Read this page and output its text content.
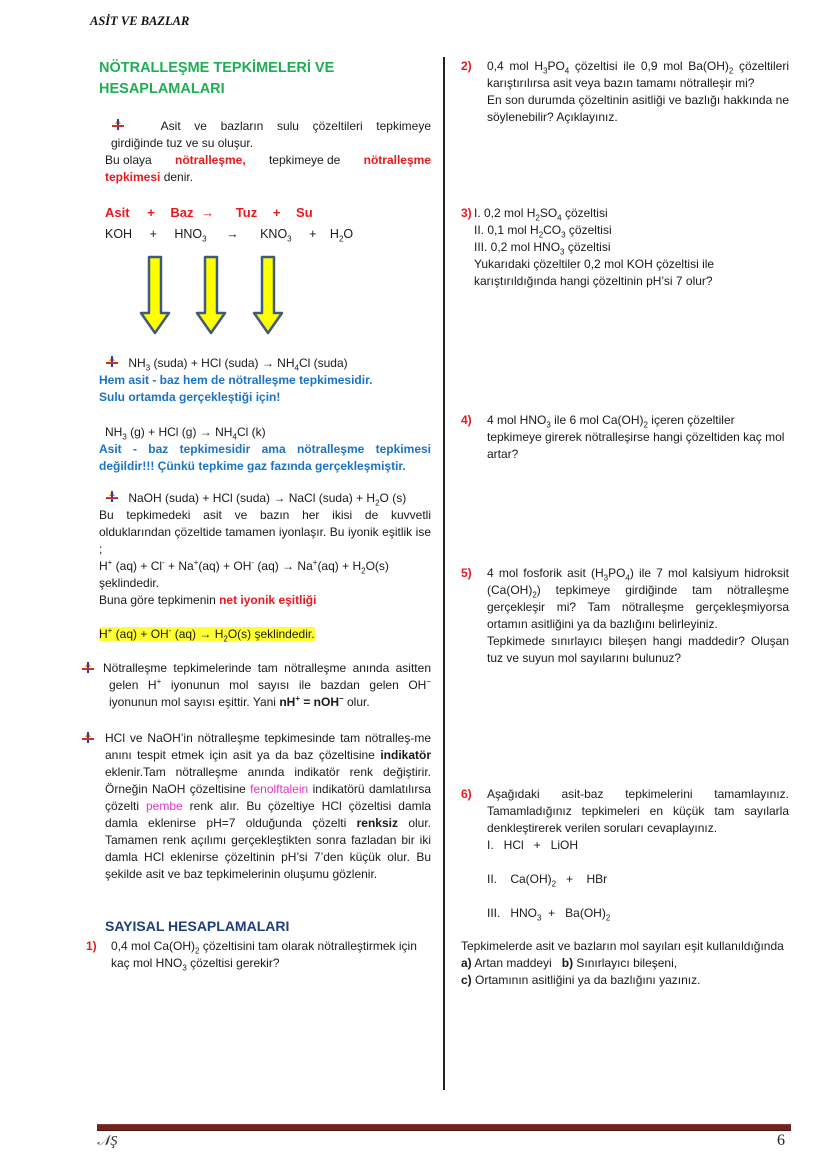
ASİT VE BAZLAR
NÖTRALLEŞME TEPKİMELERİ VE
HESAPLAMALARI
Asit ve bazların sulu çözeltileri tepkimeye
girdiğinde tuz ve su oluşur.
Bu olaya nötralleşme, tepkimeye de nötralleşme
tepkimesi denir.
Asit + Baz → Tuz + Su
KOH + $HNO_3 \to KNO_3 + H_2O$
$NH_3$ (suda) + HCl (suda) → $NH_4Cl$ (suda)
Hem asit - baz hem de nötralleşme tepkimesidir.
Sulu ortamda gerçekleştiği için!
$NH_3$ (g) + HCl $(g) \to NH_4Cl$ (k)
Asit - baz tepkimesidir ama nötralleşme tepkimesi değildir!!! Çünkü tepkime gaz fazında gerçekleşmiştir.
NaOH (suda) + HCl (suda) → NaCl (suda) + $H_2O$ (s)
Bu tepkimedeki asit ve bazın her ikisi de kuvvetli olduklarından çözeltide tamamen iyonlaşır. Bu iyonik eşitlik ise ;
H+ (aq) + Cl- + Na+(aq) + OH- $(aq) \to Na^+(aq) + H_2O(s)$
şeklindedir.
Buna göre tepkimenin net iyonik eşitliği
H+ (aq) + OH- $(aq) \to H_2O(s)$ şeklindedir.
Nötralleşme tepkimelerinde tam nötralleşme anında asitten gelen H+ iyonunun mol sayısı ile bazdan gelen OH− iyonunun mol sayısı eşittir. Yani nH+ = nOH− olur.
HCl ve NaOH’in nötralleşme tepkimesinde tam nötralleş-me anını tespit etmek için asit ya da baz çözeltisine indikatör eklenir.Tam nötralleşme anında indikatör renk değiştirir. Örneğin NaOH çözeltisine fenolftalein indikatörü damlatılırsa çözelti pembe renk alır. Bu çözeltiye HCl çözeltisi damla damla eklenirse pH=7 olduğunda çözelti renksiz olur. Tamamen renk açılımı gerçekleştikten sonra fazladan bir iki damla HCl eklenirse çözeltinin pH’si 7’den küçük olur. Bu şekilde asit ve baz tepkimelerinin oluşumu gözlenir.
SAYISAL HESAPLAMALARI
1)	0,4 mol $Ca(OH)_2$ çözeltisini tam olarak nötralleştirmek için kaç mol $HNO_3$ çözeltisi gerekir?
2)	0,4 mol $H_3PO_4$ çözeltisi ile 0,9 mol $Ba(OH)_2$ çözeltileri karıştırılırsa asit veya bazın tamamı nötralleşir mi?
En son durumda çözeltinin asitliği ve bazlığı hakkında ne söylenebilir? Açıklayınız.
3) I. 0,2 mol $H_2SO_4$ çözeltisi
II. 0,1 mol $H_2CO_3$ çözeltisi
III. 0,2 mol $HNO_3$ çözeltisi
Yukarıdaki çözeltiler 0,2 mol KOH çözeltisi ile
karıştırıldığında hangi çözeltinin pH’si 7 olur?
4)	4 mol $HNO_3$ ile 6 mol $Ca(OH)_2$ içeren çözeltiler tepkimeye girerek nötralleşirse hangi çözeltiden kaç mol artar?
5)	4 mol fosforik asit $(H_3PO_4)$ ile 7 mol kalsiyum hidroksit $(Ca(OH)_2)$ tepkimeye girdiğinde tam nötralleşme gerçekleşir mi? Tam nötralleşme gerçekleşmiyorsa ortamın asitliğini ya da bazlığını belirleyiniz.
Tepkimede sınırlayıcı bileşen hangi maddedir? Oluşan tuz ve suyun mol sayılarını bulunuz?
6)	Aşağıdaki asit-baz tepkimelerini tamamlayınız. Tamamladığınız tepkimeleri en küçük tam sayılarla denkleştirerek verilen soruları cevaplayınız.
I.   HCl   +   LiOH
II.    $Ca(OH)_2$   +    HBr
III.   $HNO_3 + Ba(OH)_2$
Tepkimelerde asit ve bazların mol sayıları eşit kullanıldığında
a) Artan maddeyi b) Sınırlayıcı bileşeni,
c) Ortamının asitliğini ya da bazlığını yazınız.
𝒩Ş	6
